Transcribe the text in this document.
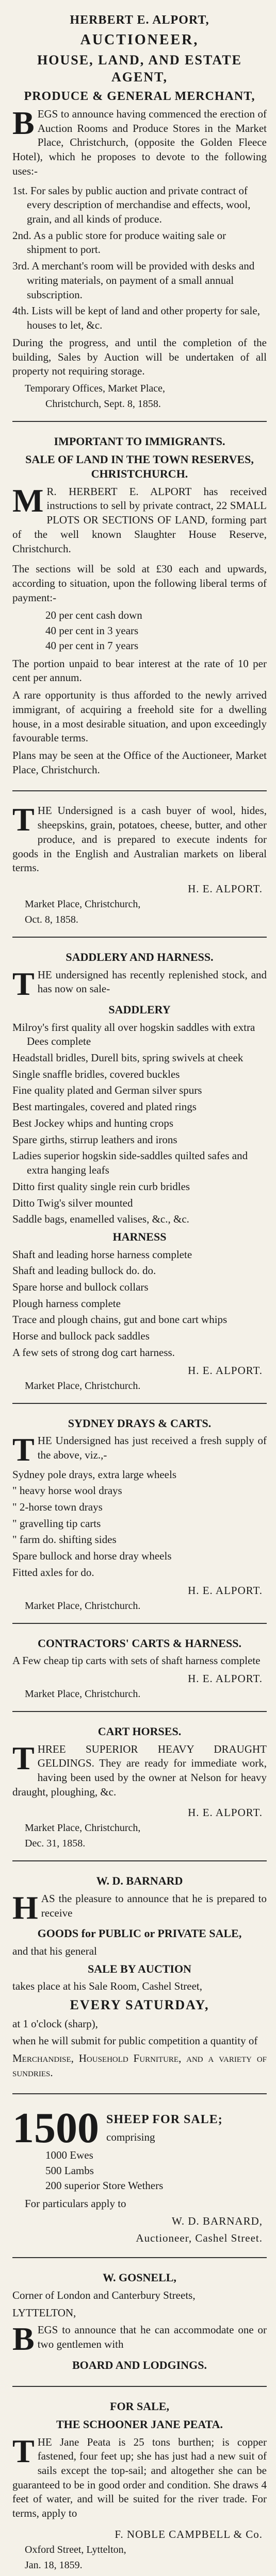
HERBERT E. ALPORT,
AUCTIONEER,
HOUSE, LAND, AND ESTATE AGENT,
PRODUCE & GENERAL MERCHANT,
BEGS to announce having commenced the erection of Auction Rooms and Produce Stores in the Market Place, Christchurch, (opposite the Golden Fleece Hotel), which he proposes to devote to the following uses:-
1st. For sales by public auction and private contract of every description of merchandise and effects, wool, grain, and all kinds of produce.
2nd. As a public store for produce waiting sale or shipment to port.
3rd. A merchant's room will be provided with desks and writing materials, on payment of a small annual subscription.
4th. Lists will be kept of land and other property for sale, houses to let, &c.
During the progress, and until the completion of the building, Sales by Auction will be undertaken of all property not requiring storage.
Temporary Offices, Market Place,
Christchurch, Sept. 8, 1858.
IMPORTANT TO IMMIGRANTS.
SALE OF LAND IN THE TOWN RESERVES, CHRISTCHURCH.
M R. HERBERT E. ALPORT has received instructions to sell by private contract, 22 SMALL PLOTS OR SECTIONS OF LAND, forming part of the well known Slaughter House Reserve, Christchurch.
The sections will be sold at £30 each and upwards, according to situation, upon the following liberal terms of payment:-
20 per cent cash down
40 per cent in 3 years
40 per cent in 7 years
The portion unpaid to bear interest at the rate of 10 per cent per annum.
A rare opportunity is thus afforded to the newly arrived immigrant, of acquiring a freehold site for a dwelling house, in a most desirable situation, and upon exceedingly favourable terms.
Plans may be seen at the Office of the Auctioneer, Market Place, Christchurch.
THE Undersigned is a cash buyer of wool, hides, sheepskins, grain, potatoes, cheese, butter, and other produce, and is prepared to execute indents for goods in the English and Australian markets on liberal terms.
H. E. ALPORT.
Market Place, Christchurch,
Oct. 8, 1858.
SADDLERY AND HARNESS.
THE undersigned has recently replenished stock, and has now on sale-
SADDLERY
Milroy's first quality all over hogskin saddles with extra Dees complete
Headstall bridles, Durell bits, spring swivels at cheek
Single snaffle bridles, covered buckles
Fine quality plated and German silver spurs
Best martingales, covered and plated rings
Best Jockey whips and hunting crops
Spare girths, stirrup leathers and irons
Ladies superior hogskin side-saddles quilted safes and extra hanging leafs
Ditto first quality single rein curb bridles
Ditto Twig's silver mounted
Saddle bags, enamelled valises, &c., &c.
HARNESS
Shaft and leading horse harness complete
Shaft and leading bullock do. do.
Spare horse and bullock collars
Plough harness complete
Trace and plough chains, gut and bone cart whips
Horse and bullock pack saddles
A few sets of strong dog cart harness.
H. E. ALPORT.
Market Place, Christchurch.
SYDNEY DRAYS & CARTS.
THE Undersigned has just received a fresh supply of the above, viz.,-
Sydney pole drays, extra large wheels
" heavy horse wool drays
" 2-horse town drays
" gravelling tip carts
" farm do. shifting sides
Spare bullock and horse dray wheels
Fitted axles for do.
H. E. ALPORT.
Market Place, Christchurch.
CONTRACTORS' CARTS & HARNESS.
A Few cheap tip carts with sets of shaft harness complete
H. E. ALPORT.
Market Place, Christchurch.
CART HORSES.
THREE SUPERIOR HEAVY DRAUGHT GELDINGS. They are ready for immediate work, having been used by the owner at Nelson for heavy draught, ploughing, &c.
H. E. ALPORT.
Market Place, Christchurch,
Dec. 31, 1858.
W. D. BARNARD
HAS the pleasure to announce that he is prepared to receive
GOODS for PUBLIC or PRIVATE SALE,
and that his general
SALE BY AUCTION
takes place at his Sale Room, Cashel Street,
EVERY SATURDAY,
at 1 o'clock (sharp),
when he will submit for public competition a quantity of
Merchandise, Household Furniture, and a variety of sundries.
1500 SHEEP FOR SALE;
comprising
1000 Ewes
500 Lambs
200 superior Store Wethers
For particulars apply to
W. D. BARNARD,
Auctioneer, Cashel Street.
W. GOSNELL,
Corner of London and Canterbury Streets,
LYTTELTON,
BEGS to announce that he can accommodate one or two gentlemen with
BOARD AND LODGINGS.
FOR SALE,
THE SCHOONER JANE PEATA.
THE Jane Peata is 25 tons burthen; is copper fastened, four feet up; she has just had a new suit of sails except the top-sail; and altogether she can be guaranteed to be in good order and condition. She draws 4 feet of water, and will be suited for the river trade. For terms, apply to
F. NOBLE CAMPBELL & Co.
Oxford Street, Lyttelton,
Jan. 18, 1859.
